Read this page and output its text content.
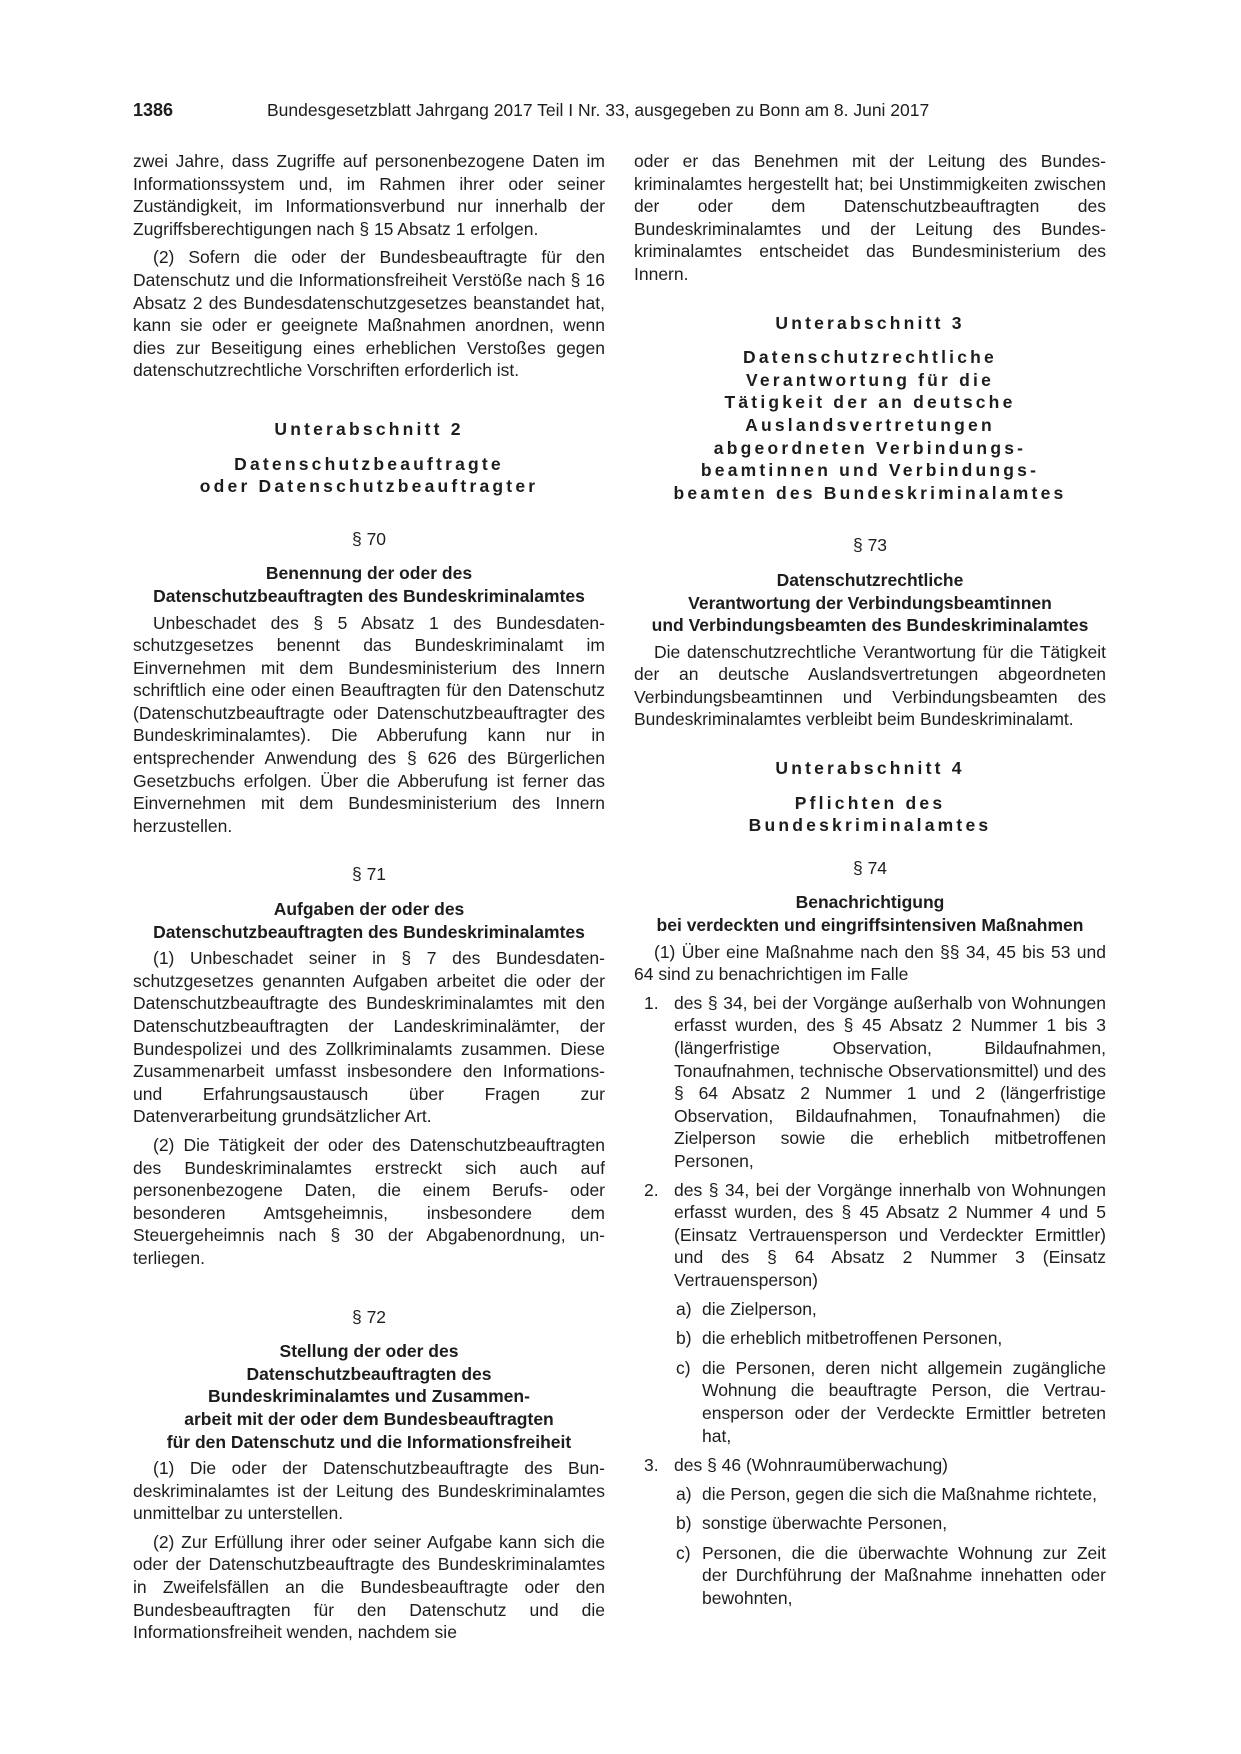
1386	Bundesgesetzblatt Jahrgang 2017 Teil I Nr. 33, ausgegeben zu Bonn am 8. Juni 2017

zwei Jahre, dass Zugriffe auf personenbezogene Daten im Informationssystem und, im Rahmen ihrer oder seiner Zuständigkeit, im Informationsverbund nur innerhalb der Zugriffsberechtigungen nach § 15 Absatz 1 erfolgen.

(2) Sofern die oder der Bundesbeauftragte für den Datenschutz und die Informationsfreiheit Verstöße nach § 16 Absatz 2 des Bundesdatenschutzgesetzes beanstandet hat, kann sie oder er geeignete Maßnahmen anordnen, wenn dies zur Beseitigung eines erheblichen Verstoßes gegen datenschutzrechtliche Vorschriften erforderlich ist.

Unterabschnitt 2
Datenschutzbeauftragte
oder Datenschutzbeauftragter
§ 70
Benennung der oder des
Datenschutzbeauftragten des Bundeskriminalamtes

Unbeschadet des § 5 Absatz 1 des Bundesdatenschutzgesetzes benennt das Bundeskriminalamt im Einvernehmen mit dem Bundesministerium des Innern schriftlich eine oder einen Beauftragten für den Datenschutz (Datenschutzbeauftragte oder Datenschutzbeauftragter des Bundeskriminalamtes). Die Abberufung kann nur in entsprechender Anwendung des § 626 des Bürgerlichen Gesetzbuchs erfolgen. Über die Abberufung ist ferner das Einvernehmen mit dem Bundesministerium des Innern herzustellen.

§ 71
Aufgaben der oder des
Datenschutzbeauftragten des Bundeskriminalamtes

(1) Unbeschadet seiner in § 7 des Bundesdatenschutzgesetzes genannten Aufgaben arbeitet die oder der Datenschutzbeauftragte des Bundeskriminalamtes mit den Datenschutzbeauftragten der Landeskriminalämter, der Bundespolizei und des Zollkriminalamts zusammen. Diese Zusammenarbeit umfasst insbesondere den Informations- und Erfahrungsaustausch über Fragen zur Datenverarbeitung grundsätzlicher Art.

(2) Die Tätigkeit der oder des Datenschutzbeauftragten des Bundeskriminalamtes erstreckt sich auch auf personenbezogene Daten, die einem Berufs- oder besonderen Amtsgeheimnis, insbesondere dem Steuergeheimnis nach § 30 der Abgabenordnung, unterliegen.

§ 72
Stellung der oder des
Datenschutzbeauftragten des
Bundeskriminalamtes und Zusammen-
arbeit mit der oder dem Bundesbeauftragten
für den Datenschutz und die Informationsfreiheit

(1) Die oder der Datenschutzbeauftragte des Bundeskriminalamtes ist der Leitung des Bundeskriminalamtes unmittelbar zu unterstellen.

(2) Zur Erfüllung ihrer oder seiner Aufgabe kann sich die oder der Datenschutzbeauftragte des Bundeskriminalamtes in Zweifelsfällen an die Bundesbeauftragte oder den Bundesbeauftragten für den Datenschutz und die Informationsfreiheit wenden, nachdem sie

oder er das Benehmen mit der Leitung des Bundeskriminalamtes hergestellt hat; bei Unstimmigkeiten zwischen der oder dem Datenschutzbeauftragten des Bundeskriminalamtes und der Leitung des Bundeskriminalamtes entscheidet das Bundesministerium des Innern.

Unterabschnitt 3
Datenschutzrechtliche
Verantwortung für die
Tätigkeit der an deutsche
Auslandsvertretungen
abgeordneten Verbindungs-
beamtinnen und Verbindungs-
beamten des Bundeskriminalamtes
§ 73
Datenschutzrechtliche
Verantwortung der Verbindungsbeamtinnen
und Verbindungsbeamten des Bundeskriminalamtes

Die datenschutzrechtliche Verantwortung für die Tätigkeit der an deutsche Auslandsvertretungen abgeordneten Verbindungsbeamtinnen und Verbindungsbeamten des Bundeskriminalamtes verbleibt beim Bundeskriminalamt.

Unterabschnitt 4
Pflichten des
Bundeskriminalamtes
§ 74
Benachrichtigung
bei verdeckten und eingriffsintensiven Maßnahmen

(1) Über eine Maßnahme nach den §§ 34, 45 bis 53 und 64 sind zu benachrichtigen im Falle

1. des § 34, bei der Vorgänge außerhalb von Wohnungen erfasst wurden, des § 45 Absatz 2 Nummer 1 bis 3 (längerfristige Observation, Bildaufnahmen, Tonaufnahmen, technische Observationsmittel) und des § 64 Absatz 2 Nummer 1 und 2 (längerfristige Observation, Bildaufnahmen, Tonaufnahmen) die Zielperson sowie die erheblich mitbetroffenen Personen,
2. des § 34, bei der Vorgänge innerhalb von Wohnungen erfasst wurden, des § 45 Absatz 2 Nummer 4 und 5 (Einsatz Vertrauensperson und Verdeckter Ermittler) und des § 64 Absatz 2 Nummer 3 (Einsatz Vertrauensperson)
a) die Zielperson,
b) die erheblich mitbetroffenen Personen,
c) die Personen, deren nicht allgemein zugängliche Wohnung die beauftragte Person, die Vertrauensperson oder der Verdeckte Ermittler betreten hat,
3. des § 46 (Wohnraumüberwachung)
a) die Person, gegen die sich die Maßnahme richtete,
b) sonstige überwachte Personen,
c) Personen, die die überwachte Wohnung zur Zeit der Durchführung der Maßnahme innehatten oder bewohnten,
